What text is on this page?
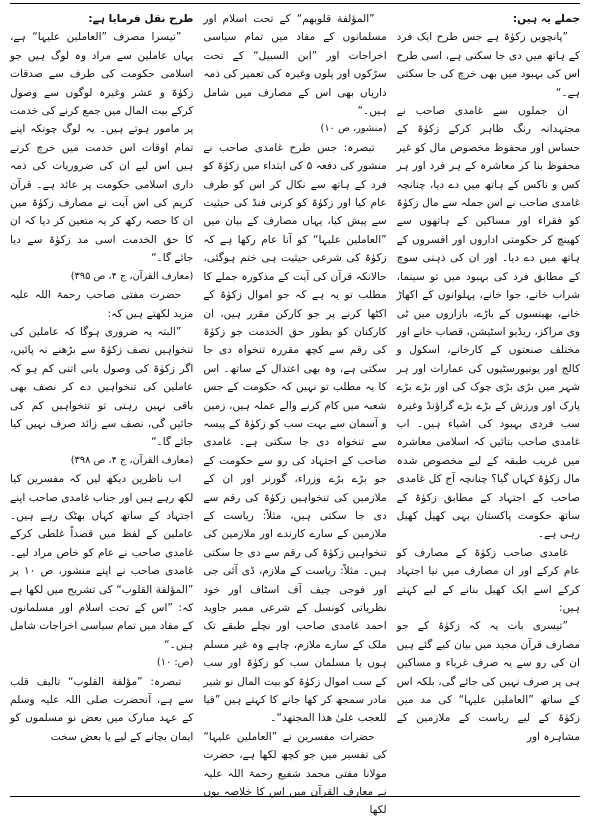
جملے یہ ہیں:

”پانچویں زکوٰۃ ہے جس طرح ایک فرد کے ہاتھ میں دی جا سکتی ہے، اسی طرح اس کی بہبود میں بھی خرچ کی جا سکتی ہے۔“

ان جملوں سے غامدی صاحب نے مجتہدانہ رنگ ظاہر کرکے زکوٰۃ کے حساس اور محفوظ مخصوص مال کو غیر محفوظ بنا کر معاشرہ کے ہر فرد اور ہر کس و ناکس کے ہاتھ میں دے دیا، چنانچہ غامدی صاحب نے اس جملہ سے مال زکوٰۃ کو فقراء اور مساکین کے ہاتھوں سے کھینچ کر حکومتی اداروں اور افسروں کے ہاتھ میں دے دیا۔ اور ان کی ذہنی سوچ کے مطابق فرد کی بہبود میں تو سینما، شراب خانے، جوا خانے، پہلوانوں کے اکھاڑ خانے، بھینسوں کے باڑے، بازاروں میں ٹی وی مراکز، ریڈیو اسٹیشن، قصاب خانے اور مختلف صنعتوں کے کارخانے، اسکول و کالج اور یونیورسٹیوں کی عمارات اور ہر شہر میں بڑی بڑی چوک کی اور بڑے بڑے پارک اور ورزش کے بڑے بڑے گراؤنڈ وغیرہ سب فردی بہبود کی اشیاء ہیں۔ اب غامدی صاحب بتائیں کہ اسلامی معاشرہ میں غریب طبقہ کے لیے مخصوص شدہ مال زکوٰۃ کہاں گیا؟ چنانچہ آج کل غامدی صاحب کے اجتہاد کے مطابق زکوٰۃ کے ساتھ حکومت پاکستان یہی کھیل کھیل رہی ہے۔

غامدی صاحب زکوٰۃ کے مصارف کو عام کرکے اور ان مصارف میں نیا اجتہاد کرکے اسے ایک کھیل بنانے کے لیے کہتے ہیں:

”تیسری بات یہ کہ زکوٰۃ کے جو مصارف قرآن مجید میں بیان کیے گئے ہیں ان کی رو سے یہ صرف غرباء و مساکین ہی پر صرف نہیں کی جائے گی، بلکہ اس کے ساتھ ”العاملین علیہا“ کی مد میں زکوٰۃ کے لیے ریاست کے ملازمین کے مشاہرہ اور

”المؤلفة قلوبهم“ کے تحت اسلام اور مسلمانوں کے مفاد میں تمام سیاسی اخراجات اور ”ابن السبیل“ کے تحت سڑکوں اور پلوں وغیرہ کی تعمیر کی ذمہ داریاں بھی اس کے مصارف میں شامل ہیں۔“

(منشور، ص ۱۰)

تبصرہ: جس طرح غامدی صاحب نے منشور کی دفعہ ۵ کی ابتداء میں زکوٰۃ کو فرد کے ہاتھ سے نکال کر اس کو طرف عام کیا اور زکوٰۃ کو کرنی فنڈ کی حیثیت سے پیش کیا، یہاں مصارف کے بیان میں ”العاملین علیہا“ کو آنا عام رکھا ہے کہ زکوٰۃ کی شرعی حیثیت ہی ختم ہوگئی، حالانکہ قرآن کی آیت کے مذکورہ جملے کا مطلب تو یہ ہے کہ جو اموال زکوٰۃ کے اکٹھا کرنے پر جو کارکن مقرر ہیں، ان کارکنان کو بطور حق الخدمت جو زکوٰۃ کی رقم سے کچھ مقررہ تنخواہ دی جا سکتی ہے، وہ بھی اعتدال کے ساتھ۔ اس کا یہ مطلب تو نہیں کہ حکومت کے جس شعبہ میں کام کرنے والے عملہ ہیں، زمین و آسمان سے بہت سب کو زکوٰۃ کے پیسہ سے تنخواہ دی جا سکتی ہے۔ غامدی صاحب کے اجتہاد کی رو سے حکومت کے جو بڑے بڑے وزراء، گورنر اور ان کے ملازمین کی تنخواہیں زکوٰۃ کی رقم سے دی جا سکتی ہیں، مثلاً: ریاست کے ملازمین کے سارے کارندے اور ملازمین کی تنخواہیں زکوٰۃ کی رقم سے دی جا سکتی ہیں۔ مثلاً: ریاست کے ملازم، ڈی آئی جی اور فوجی چیف آف اسٹاف اور خود نظریاتی کونسل کے شرعی ممبر جاوید احمد غامدی صاحب اور نچلے طبقے تک ملک کے سارے ملازم، چاہے وہ غیر مسلم ہوں یا مسلمان سب کو زکوٰۃ اور سب کے سب اموال زکوٰۃ کو بیت المال نو شیر مادر سمجھ کر کھا جانے کا کہتے ہیں ”فیا للعجب علیٰ ھذا المجتھد“۔

حضرات مفسرین نے ”العاملین علیہا“ کی تفسیر میں جو کچھ لکھا ہے، حضرت مولانا مفتی محمد شفیع رحمۃ اللہ علیہ نے معارف القرآن میں اس کا خلاصہ یوں لکھا

طرح نقل فرمایا ہے:

”تیسرا مصرف ”العاملین علیہا“ ہے، یہاں عاملین سے مراد وہ لوگ ہیں جو اسلامی حکومت کی طرف سے صدقات زکوٰۃ و عشر وغیرہ لوگوں سے وصول کرکے بیت المال میں جمع کرنے کی خدمت پر مامور ہوتے ہیں۔ یہ لوگ چونکہ اپنے تمام اوقات اس خدمت میں خرچ کرتے ہیں اس لیے ان کی ضروریات کی ذمہ داری اسلامی حکومت پر عائد ہے۔ قرآن کریم کی اس آیت نے مصارف زکوٰۃ میں ان کا حصہ رکھ کر یہ متعین کر دیا کہ ان کا حق الخدمت اسی مد زکوٰۃ سے دیا جائے گا۔“

(معارف القرآن، ج ۴، ص ۳۹۵)

حضرت مفتی صاحب رحمۃ اللہ علیہ مزید لکھتے ہیں کہ:

”البتہ یہ ضروری ہوگا کہ عاملین کی تنخواہیں نصف زکوٰۃ سے بڑھنے نہ پائیں، اگر زکوٰۃ کی وصول یابی اتنی کم ہو کہ عاملین کی تنخواہیں دے کر نصف بھی باقی نہیں رہتی تو تنخواہیں کم کی جائیں گی، نصف سے زائد صرف نہیں کیا جائے گا۔“

(معارف القرآن، ج ۴، ص ۳۹۸)

اب ناظرین دیکھ لیں کہ مفسرین کیا لکھ رہے ہیں اور جناب غامدی صاحب اپنے اجتہاد کے ساتھ کہاں بھٹک رہے ہیں۔ عاملین کے لفظ میں قصداً غلطی کرکے غامدی صاحب نے عام کو خاص مراد لیے۔ غامدی صاحب نے اپنے منشور، ص ۱۰ پر ”المؤلفة القلوب“ کی تشریح میں لکھا ہے کہ: ”اس کے تحت اسلام اور مسلمانوں کے مفاد میں تمام سیاسی اخراجات شامل ہیں۔“

(ص: ۱۰)

تبصرہ: ”مؤلفة القلوب“ تالیف قلب سے ہے، آنحضرت صلی اللہ علیہ وسلم کے عہد مبارک میں بعض نو مسلموں کو ایمان بچانے کے لیے یا بعض سخت
